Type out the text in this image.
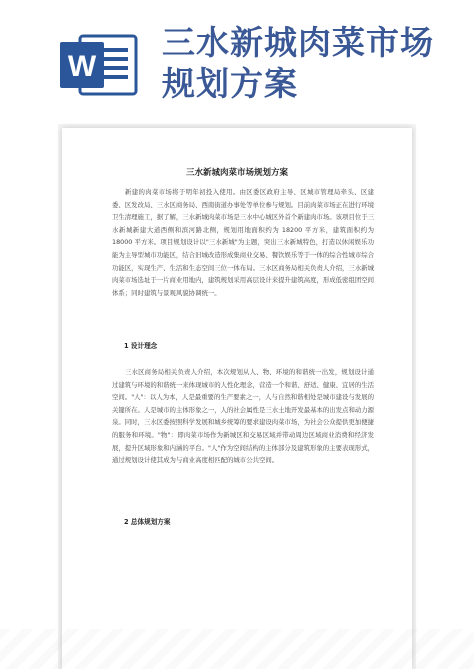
W
三水新城肉菜市场
规划方案
三水新城肉菜市场规划方案
新建的肉菜市场将于明年初投入使用。由区委区政府主导、区城市管理局牵头、区建委、区发改局、三水区商务局、西南街道办事处等单位参与规划。目前肉菜市场正在进行环境卫生清理施工，据了解，三水新城肉菜市场是三水中心城区外首个新建肉市场。该项目位于三水新城新建大道西侧和滨河路北侧，规划用地面积约为 18200 平方米，建筑面积约为 18000 平方米。项目规划设计以"三水新城"为主题，突出三水新城特色，打造以休闲娱乐功能为主导型城市功能区，结合旧城改造形成集商业交易、餐饮娱乐等于一体的综合性城市综合功能区，实现生产、生活和生态空间三位一体布局。三水区商务局相关负责人介绍，三水新城肉菜市场选址于一片商业用地内，建筑规划采用高层设计来提升建筑高度，形成低密组团空间体系；同时建筑与景观风貌协调统一。
1 设计理念
三水区商务局相关负责人介绍，本次规划从人、物、环境的和谐统一出发，规划设计通过建筑与环境的和谐统一来体现城市的人性化理念，营造一个和谐、舒适、健康、宜居的生活空间。"人"：以人为本，人是最重要的生产要素之一，人与自然和谐相处是城市建设与发展的关键所在。人是城市的主体形象之一，人的社会属性是三水土地开发最基本的出发点和动力源泉。同时，三水区委按照科学发展和城乡统筹的要求建设肉菜市场，为社会公众提供更加便捷的服务和环境。"物"：即肉菜市场作为新城区和交易区域并带动周边区域商业消费和经济发展，提升区域形象和内涵的平台。"人"作为空间结构的主体部分及建筑形象的主要表现形式，通过规划设计使其成为与商业高度相匹配的城市公共空间。
2 总体规划方案
